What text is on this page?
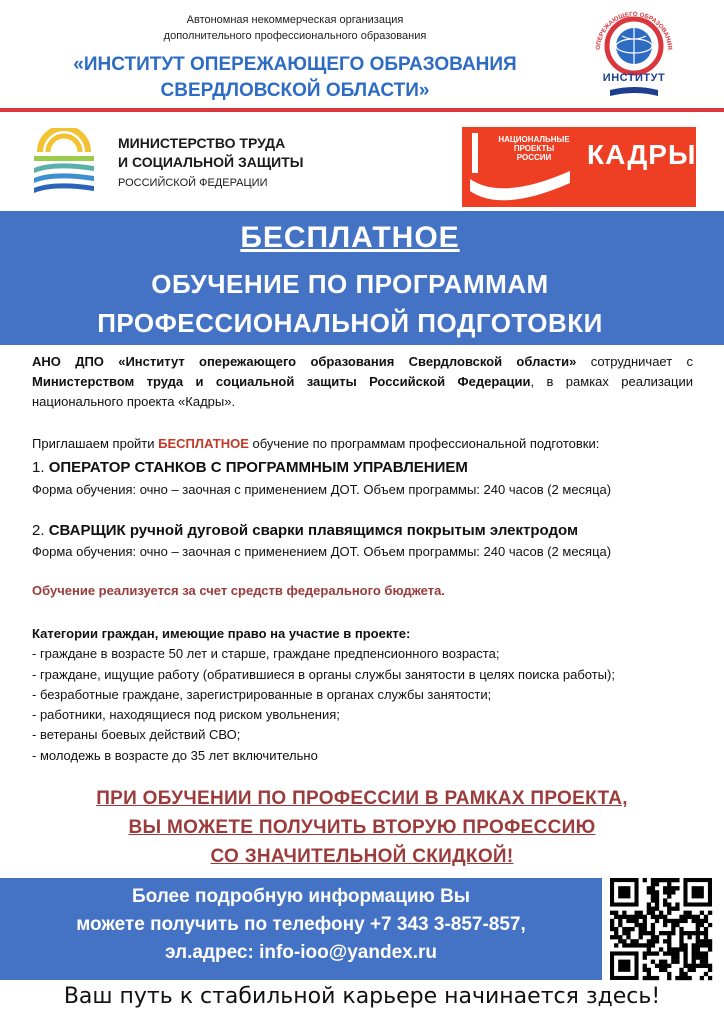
Автономная некоммерческая организация
дополнительного профессионального образования
«ИНСТИТУТ ОПЕРЕЖАЮЩЕГО ОБРАЗОВАНИЯ
СВЕРДЛОВСКОЙ ОБЛАСТИ»
ОПЕРЕЖАЮЩЕГО ОБРАЗОВАНИЯ
ИНСТИТУТ
МИНИСТЕРСТВО ТРУДА
И СОЦИАЛЬНОЙ ЗАЩИТЫ
РОССИЙСКОЙ ФЕДЕРАЦИИ
НАЦИОНАЛЬНЫЕ
ПРОЕКТЫ
РОССИИ	КАДРЫ
БЕСПЛАТНОЕ
ОБУЧЕНИЕ ПО ПРОГРАММАМ
ПРОФЕССИОНАЛЬНОЙ ПОДГОТОВКИ
АНО ДПО «Институт опережающего образования Свердловской области» сотрудничает с Министерством труда и социальной защиты Российской Федерации, в рамках реализации национального проекта «Кадры».
Приглашаем пройти БЕСПЛАТНОЕ обучение по программам профессиональной подготовки:
1. ОПЕРАТОР СТАНКОВ С ПРОГРАММНЫМ УПРАВЛЕНИЕМ
Форма обучения: очно – заочная с применением ДОТ. Объем программы: 240 часов (2 месяца)
2. СВАРЩИК ручной дуговой сварки плавящимся покрытым электродом
Форма обучения: очно – заочная с применением ДОТ. Объем программы: 240 часов (2 месяца)
Обучение реализуется за счет средств федерального бюджета.
Категории граждан, имеющие право на участие в проекте:
- граждане в возрасте 50 лет и старше, граждане предпенсионного возраста;
- граждане, ищущие работу (обратившиеся в органы службы занятости в целях поиска работы);
- безработные граждане, зарегистрированные в органах службы занятости;
- работники, находящиеся под риском увольнения;
- ветераны боевых действий СВО;
- молодежь в возрасте до 35 лет включительно
ПРИ ОБУЧЕНИИ ПО ПРОФЕССИИ В РАМКАХ ПРОЕКТА,
ВЫ МОЖЕТЕ ПОЛУЧИТЬ ВТОРУЮ ПРОФЕССИЮ
СО ЗНАЧИТЕЛЬНОЙ СКИДКОЙ!
Более подробную информацию Вы
можете получить по телефону +7 343 3-857-857,
эл.адрес: info-ioo@yandex.ru
Ваш путь к стабильной карьере начинается здесь!
